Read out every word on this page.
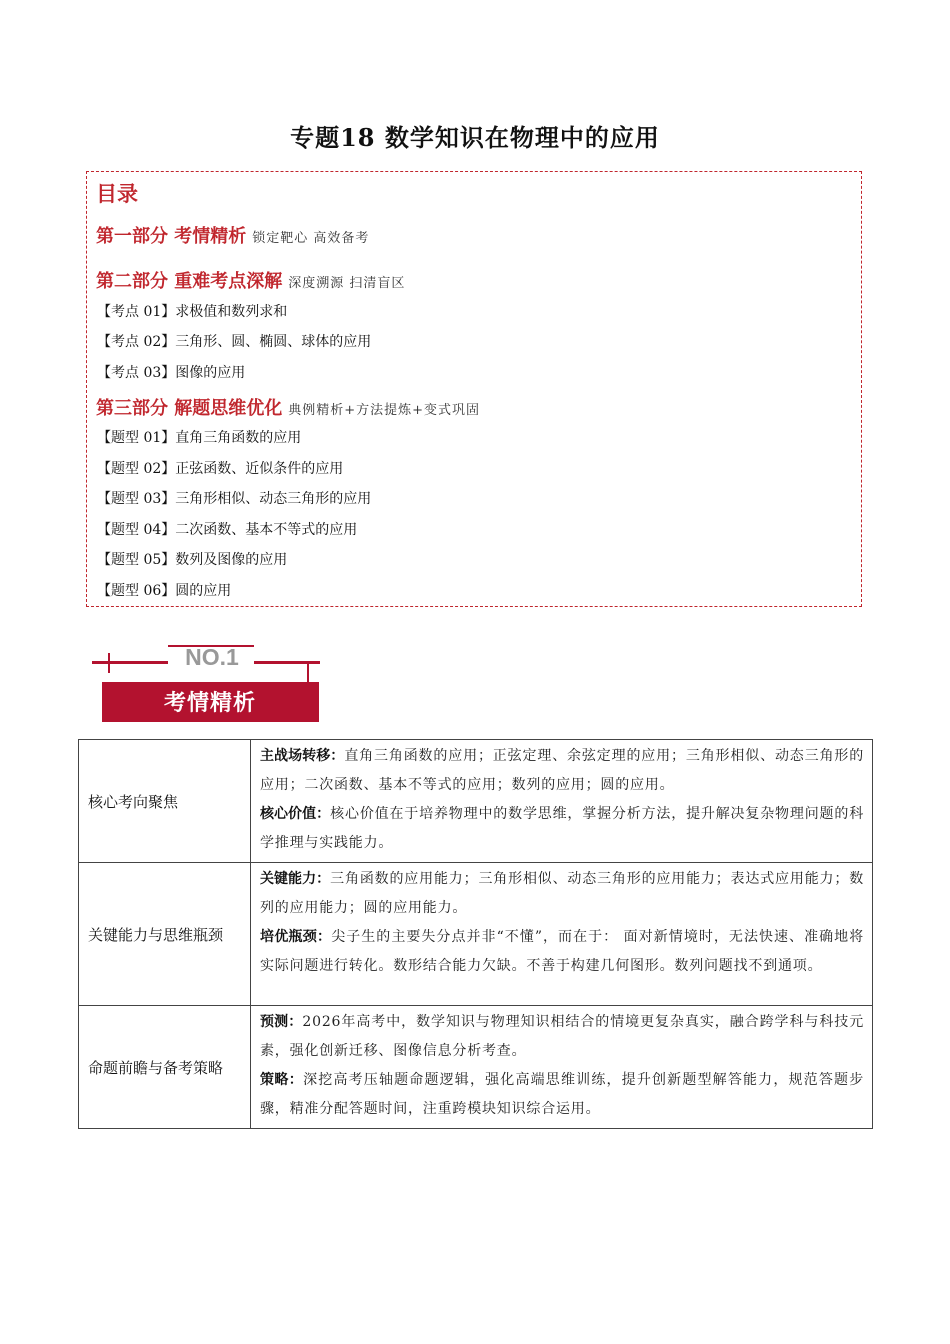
专题18 数学知识在物理中的应用
目录
第一部分 考情精析 锁定靶心 高效备考
第二部分 重难考点深解 深度溯源 扫清盲区
【考点 01】求极值和数列求和
【考点 02】三角形、圆、椭圆、球体的应用
【考点 03】图像的应用
第三部分 解题思维优化 典例精析+方法提炼+变式巩固
【题型 01】直角三角函数的应用
【题型 02】正弦函数、近似条件的应用
【题型 03】三角形相似、动态三角形的应用
【题型 04】二次函数、基本不等式的应用
【题型 05】数列及图像的应用
【题型 06】圆的应用
NO.1
考情精析
核心考向聚焦	主战场转移：直角三角函数的应用；正弦定理、余弦定理的应用；三角形相似、动态三角形的应用；二次函数、基本不等式的应用；数列的应用；圆的应用。
核心价值：核心价值在于培养物理中的数学思维，掌握分析方法，提升解决复杂物理问题的科学推理与实践能力。

关键能力与思维瓶颈	关键能力：三角函数的应用能力；三角形相似、动态三角形的应用能力；表达式应用能力；数列的应用能力；圆的应用能力。
培优瓶颈：尖子生的主要失分点并非“不懂”，而在于： 面对新情境时，无法快速、准确地将实际问题进行转化。数形结合能力欠缺。不善于构建几何图形。数列问题找不到通项。

命题前瞻与备考策略	预测：2026年高考中，数学知识与物理知识相结合的情境更复杂真实，融合跨学科与科技元素，强化创新迁移、图像信息分析考查。
策略：深挖高考压轴题命题逻辑，强化高端思维训练，提升创新题型解答能力，规范答题步骤，精准分配答题时间，注重跨模块知识综合运用。
